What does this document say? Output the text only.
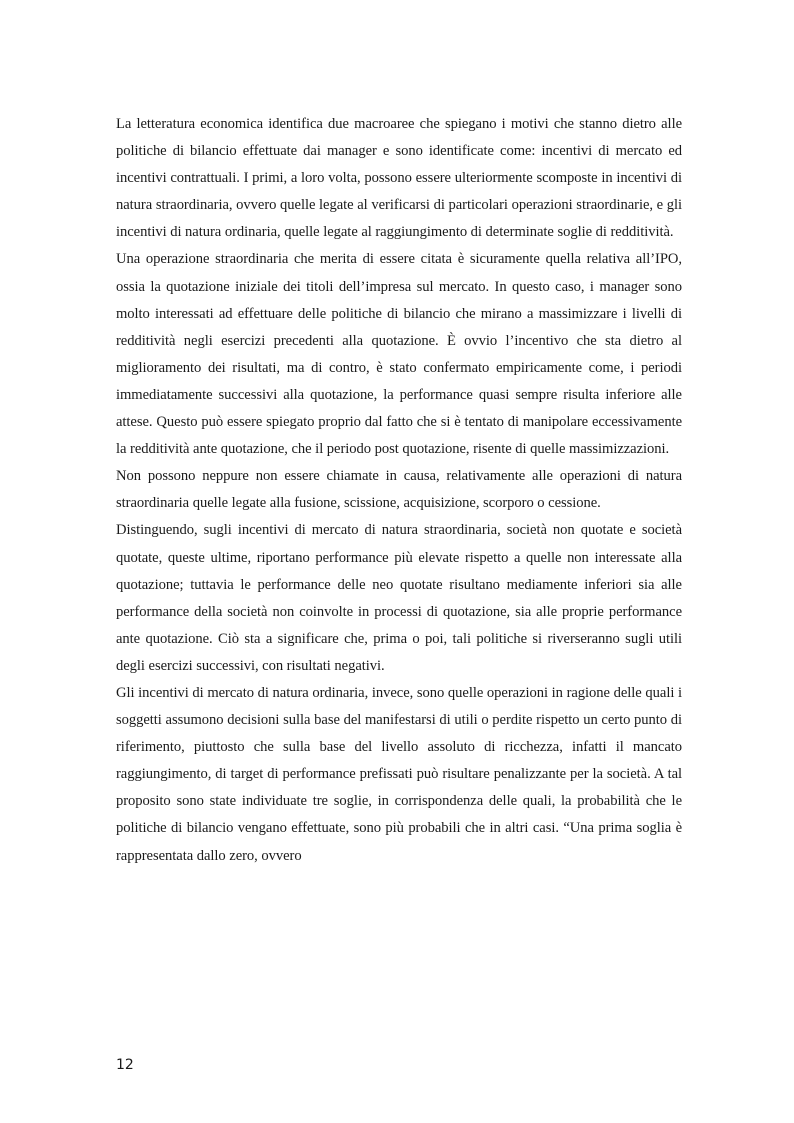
La letteratura economica identifica due macroaree che spiegano i motivi che stanno dietro alle politiche di bilancio effettuate dai manager e sono identificate come: incentivi di mercato ed incentivi contrattuali. I primi, a loro volta, possono essere ulteriormente scomposte in incentivi di natura straordinaria, ovvero quelle legate al verificarsi di particolari operazioni straordinarie, e gli incentivi di natura ordinaria, quelle legate al raggiungimento di determinate soglie di redditività.

Una operazione straordinaria che merita di essere citata è sicuramente quella relativa all’IPO, ossia la quotazione iniziale dei titoli dell’impresa sul mercato. In questo caso, i manager sono molto interessati ad effettuare delle politiche di bilancio che mirano a massimizzare i livelli di redditività negli esercizi precedenti alla quotazione. È ovvio l’incentivo che sta dietro al miglioramento dei risultati, ma di contro, è stato confermato empiricamente come, i periodi immediatamente successivi alla quotazione, la performance quasi sempre risulta inferiore alle attese. Questo può essere spiegato proprio dal fatto che si è tentato di manipolare eccessivamente la redditività ante quotazione, che il periodo post quotazione, risente di quelle massimizzazioni.

Non possono neppure non essere chiamate in causa, relativamente alle operazioni di natura straordinaria quelle legate alla fusione, scissione, acquisizione, scorporo o cessione.

Distinguendo, sugli incentivi di mercato di natura straordinaria, società non quotate e società quotate, queste ultime, riportano performance più elevate rispetto a quelle non interessate alla quotazione; tuttavia le performance delle neo quotate risultano mediamente inferiori sia alle performance della società non coinvolte in processi di quotazione, sia alle proprie performance ante quotazione. Ciò sta a significare che, prima o poi, tali politiche si riverseranno sugli utili degli esercizi successivi, con risultati negativi.

Gli incentivi di mercato di natura ordinaria, invece, sono quelle operazioni in ragione delle quali i soggetti assumono decisioni sulla base del manifestarsi di utili o perdite rispetto un certo punto di riferimento, piuttosto che sulla base del livello assoluto di ricchezza, infatti il mancato raggiungimento, di target di performance prefissati può risultare penalizzante per la società. A tal proposito sono state individuate tre soglie, in corrispondenza delle quali, la probabilità che le politiche di bilancio vengano effettuate, sono più probabili che in altri casi. “Una prima soglia è rappresentata dallo zero, ovvero

12
